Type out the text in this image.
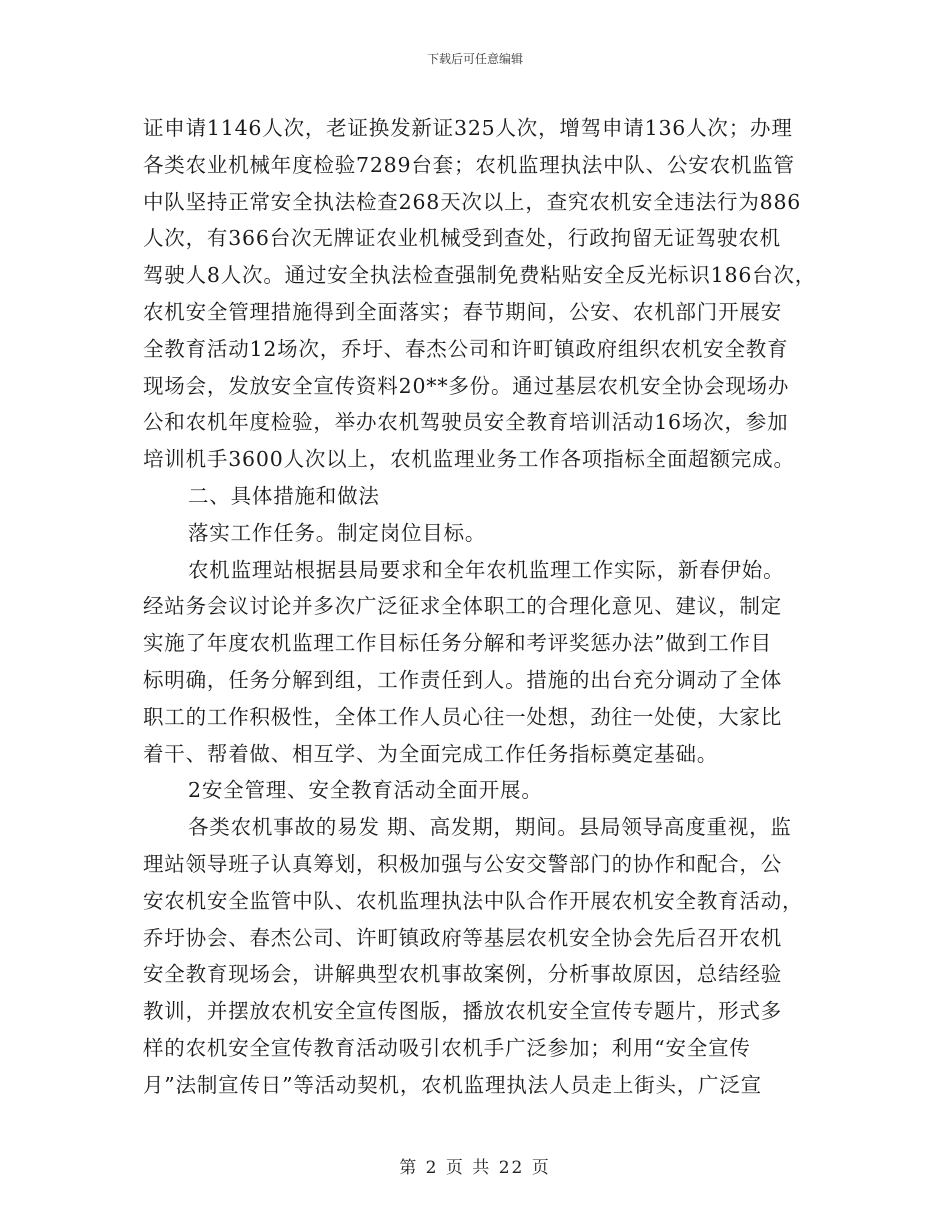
下载后可任意编辑
证申请1146人次，老证换发新证325人次，增驾申请136人次；办理
各类农业机械年度检验7289台套；农机监理执法中队、公安农机监管
中队坚持正常安全执法检查268天次以上，查究农机安全违法行为886
人次，有366台次无牌证农业机械受到查处，行政拘留无证驾驶农机
驾驶人8人次。通过安全执法检查强制免费粘贴安全反光标识186台次，
农机安全管理措施得到全面落实；春节期间，公安、农机部门开展安
全教育活动12场次，乔圩、春杰公司和许町镇政府组织农机安全教育
现场会，发放安全宣传资料20**多份。通过基层农机安全协会现场办
公和农机年度检验，举办农机驾驶员安全教育培训活动16场次，参加
培训机手3600人次以上，农机监理业务工作各项指标全面超额完成。
二、具体措施和做法
落实工作任务。制定岗位目标。
农机监理站根据县局要求和全年农机监理工作实际，新春伊始。
经站务会议讨论并多次广泛征求全体职工的合理化意见、建议，制定
实施了年度农机监理工作目标任务分解和考评奖惩办法”做到工作目
标明确，任务分解到组，工作责任到人。措施的出台充分调动了全体
职工的工作积极性，全体工作人员心往一处想，劲往一处使，大家比
着干、帮着做、相互学、为全面完成工作任务指标奠定基础。
2安全管理、安全教育活动全面开展。
各类农机事故的易发 期、高发期，期间。县局领导高度重视，监
理站领导班子认真筹划，积极加强与公安交警部门的协作和配合，公
安农机安全监管中队、农机监理执法中队合作开展农机安全教育活动，
乔圩协会、春杰公司、许町镇政府等基层农机安全协会先后召开农机
安全教育现场会，讲解典型农机事故案例，分析事故原因，总结经验
教训，并摆放农机安全宣传图版，播放农机安全宣传专题片，形式多
样的农机安全宣传教育活动吸引农机手广泛参加；利用“安全宣传
月”法制宣传日”等活动契机，农机监理执法人员走上街头，广泛宣
第 2 页 共 22 页
